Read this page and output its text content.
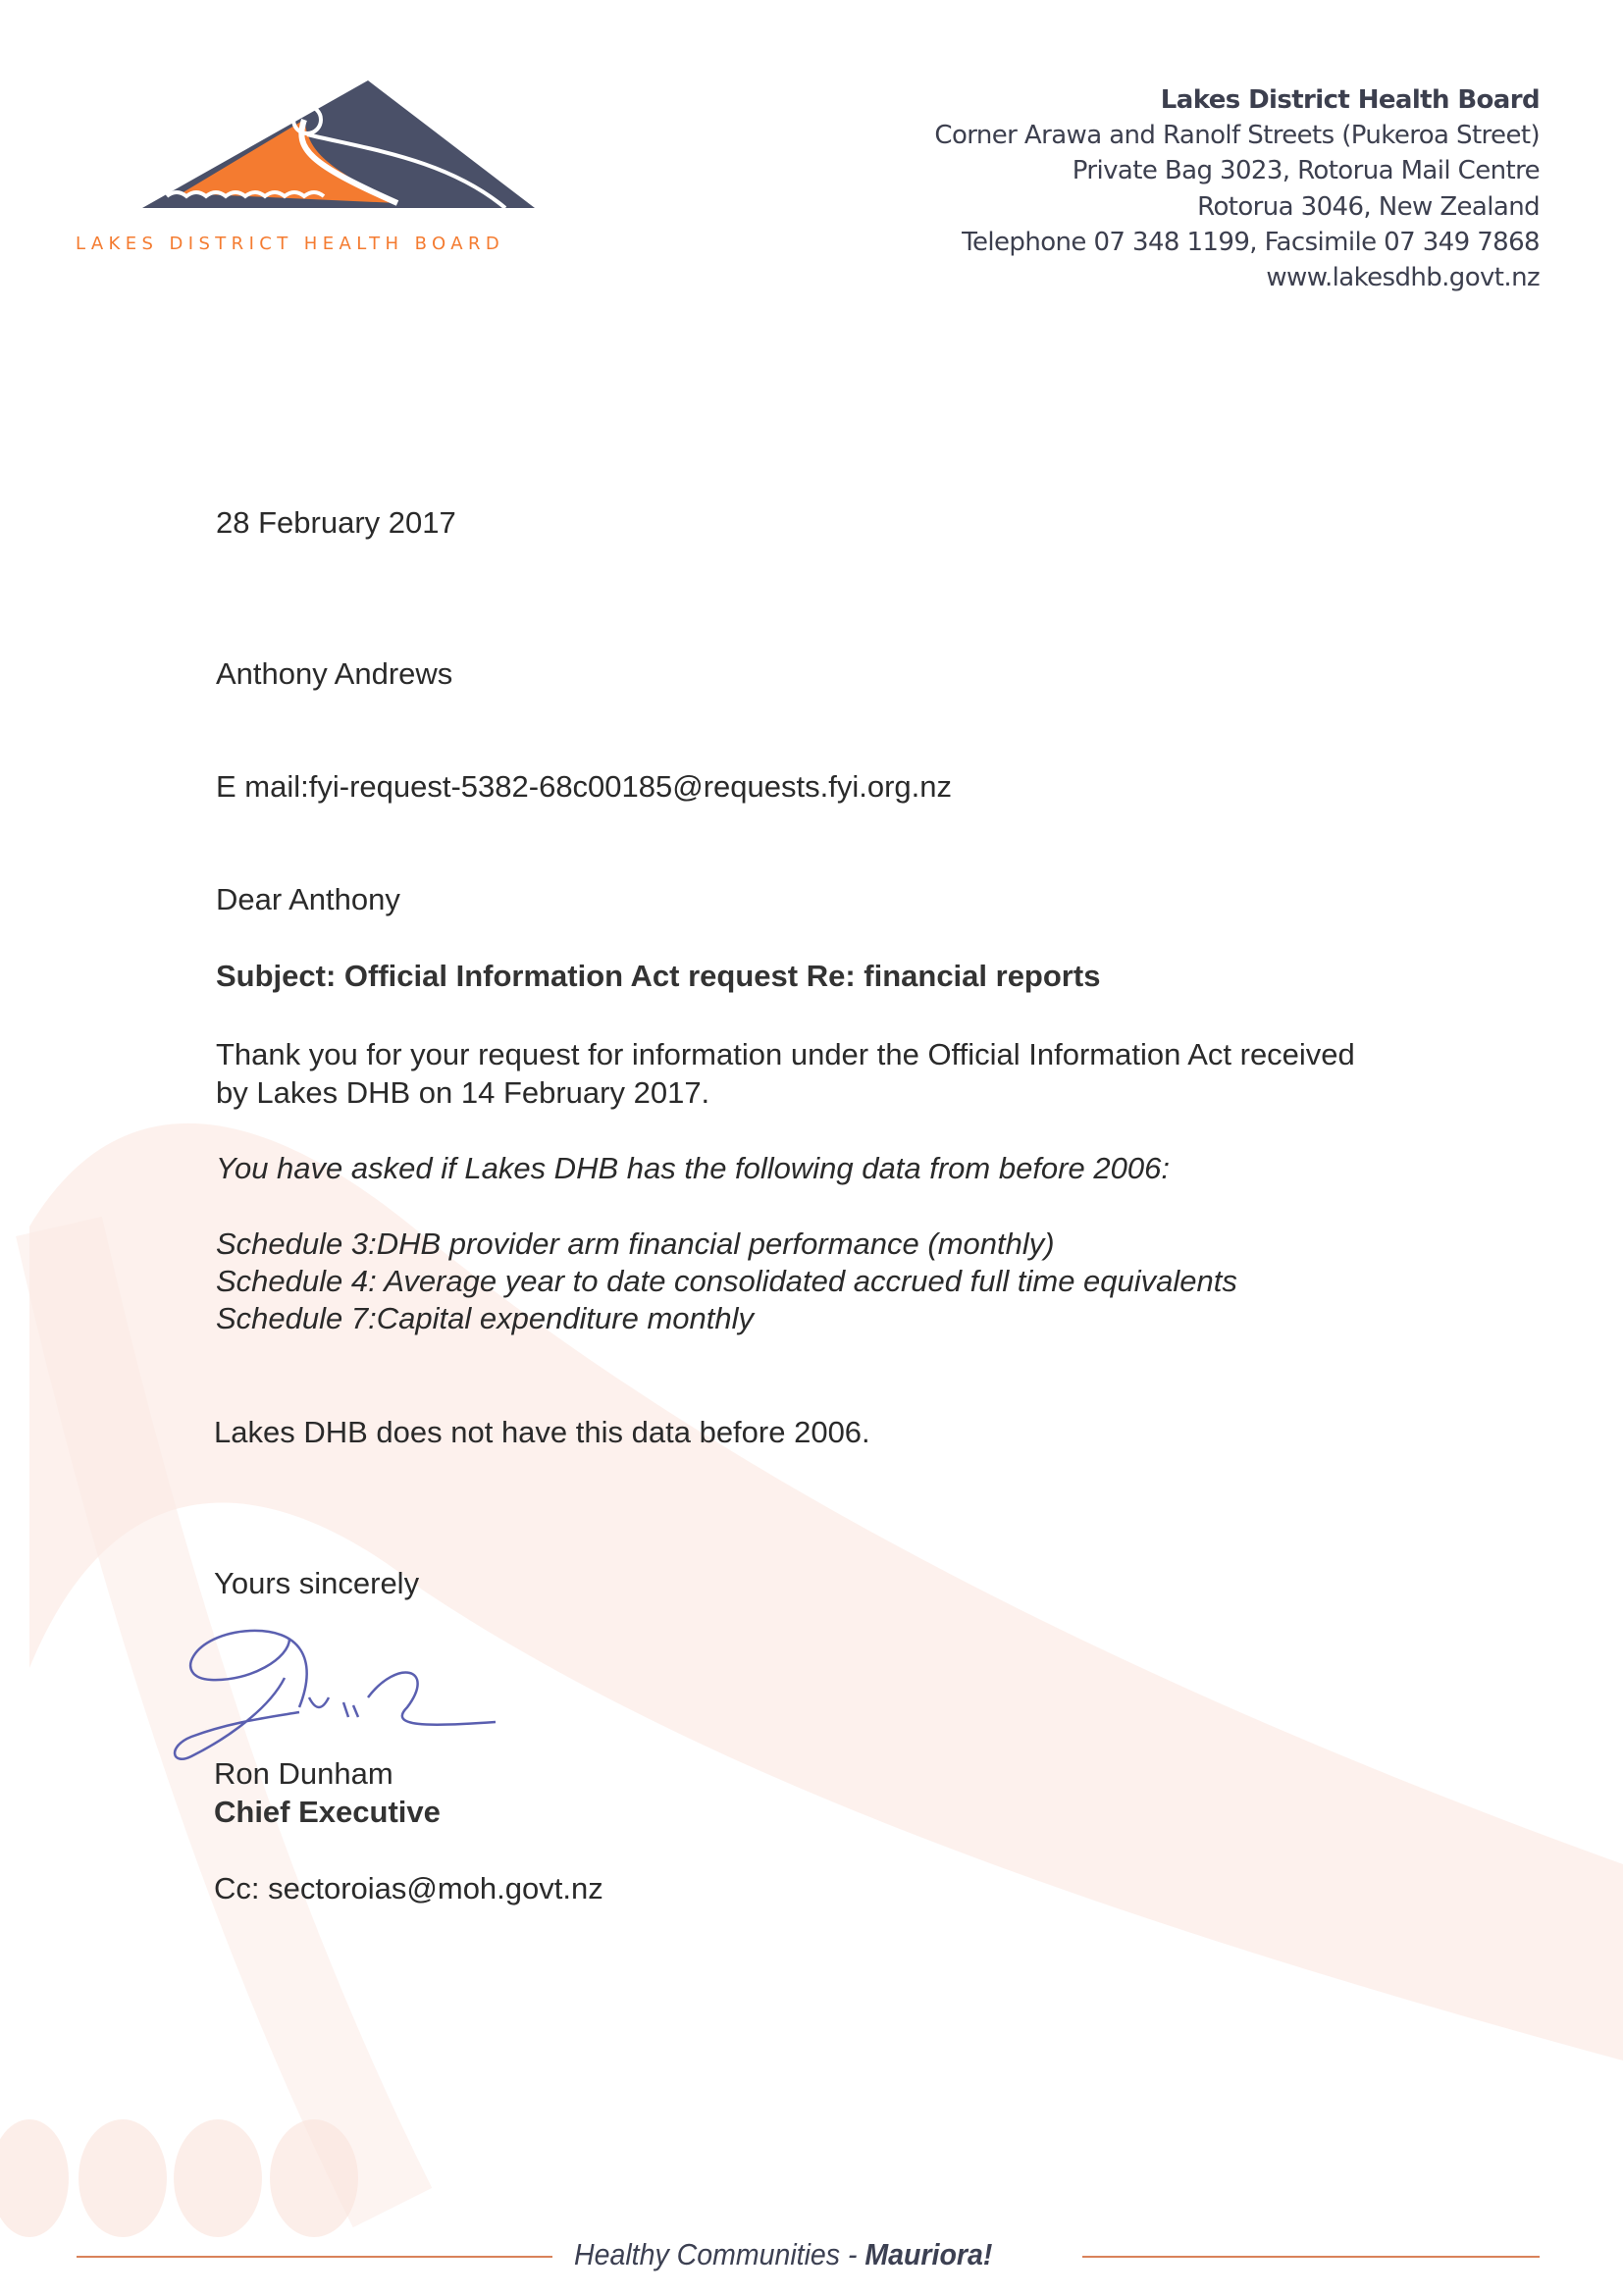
LAKES DISTRICT HEALTH BOARD
Lakes District Health Board
Corner Arawa and Ranolf Streets (Pukeroa Street)
Private Bag 3023, Rotorua Mail Centre
Rotorua 3046, New Zealand
Telephone 07 348 1199, Facsimile 07 349 7868
www.lakesdhb.govt.nz
28 February 2017
Anthony Andrews
E mail:fyi-request-5382-68c00185@requests.fyi.org.nz
Dear Anthony
Subject: Official Information Act request Re: financial reports
Thank you for your request for information under the Official Information Act received
by Lakes DHB on 14 February 2017.
You have asked if Lakes DHB has the following data from before 2006:
Schedule 3:DHB provider arm financial performance (monthly)
Schedule 4: Average year to date consolidated accrued full time equivalents
Schedule 7:Capital expenditure monthly
Lakes DHB does not have this data before 2006.
Yours sincerely
Ron Dunham
Chief Executive
Cc: sectoroias@moh.govt.nz
Healthy Communities - Mauriora!
